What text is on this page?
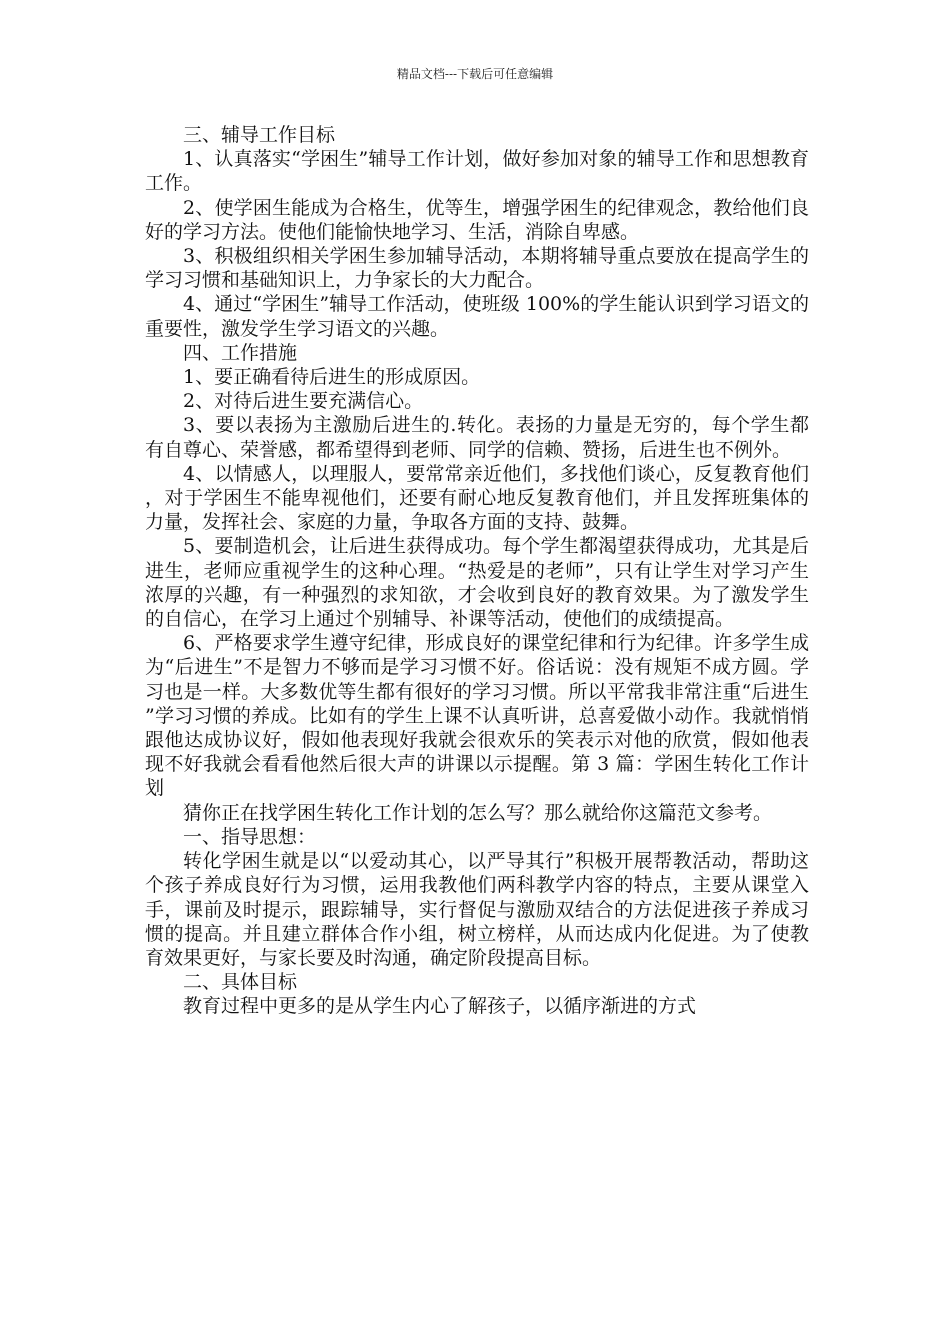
精品文档---下载后可任意编辑

三、辅导工作目标

1、认真落实“学困生”辅导工作计划，做好参加对象的辅导工作和思想教育工作。

2、使学困生能成为合格生，优等生，增强学困生的纪律观念，教给他们良好的学习方法。使他们能愉快地学习、生活，消除自卑感。

3、积极组织相关学困生参加辅导活动，本期将辅导重点要放在提高学生的学习习惯和基础知识上，力争家长的大力配合。

4、通过“学困生”辅导工作活动，使班级 100%的学生能认识到学习语文的重要性，激发学生学习语文的兴趣。

四、工作措施

1、要正确看待后进生的形成原因。

2、对待后进生要充满信心。

3、要以表扬为主激励后进生的.转化。表扬的力量是无穷的，每个学生都有自尊心、荣誉感，都希望得到老师、同学的信赖、赞扬，后进生也不例外。

4、以情感人，以理服人，要常常亲近他们，多找他们谈心，反复教育他们，对于学困生不能卑视他们，还要有耐心地反复教育他们，并且发挥班集体的力量，发挥社会、家庭的力量，争取各方面的支持、鼓舞。

5、要制造机会，让后进生获得成功。每个学生都渴望获得成功，尤其是后进生，老师应重视学生的这种心理。“热爱是的老师”，只有让学生对学习产生浓厚的兴趣，有一种强烈的求知欲，才会收到良好的教育效果。为了激发学生的自信心，在学习上通过个别辅导、补课等活动，使他们的成绩提高。

6、严格要求学生遵守纪律，形成良好的课堂纪律和行为纪律。许多学生成为“后进生”不是智力不够而是学习习惯不好。俗话说：没有规矩不成方圆。学习也是一样。大多数优等生都有很好的学习习惯。所以平常我非常注重“后进生”学习习惯的养成。比如有的学生上课不认真听讲，总喜爱做小动作。我就悄悄跟他达成协议好，假如他表现好我就会很欢乐的笑表示对他的欣赏，假如他表现不好我就会看看他然后很大声的讲课以示提醒。第 3 篇：学困生转化工作计划

猜你正在找学困生转化工作计划的怎么写？那么就给你这篇范文参考。

一、指导思想：

转化学困生就是以“以爱动其心，以严导其行”积极开展帮教活动，帮助这个孩子养成良好行为习惯，运用我教他们两科教学内容的特点，主要从课堂入手，课前及时提示，跟踪辅导，实行督促与激励双结合的方法促进孩子养成习惯的提高。并且建立群体合作小组，树立榜样，从而达成内化促进。为了使教育效果更好，与家长要及时沟通，确定阶段提高目标。

二、具体目标

教育过程中更多的是从学生内心了解孩子，以循序渐进的方式
